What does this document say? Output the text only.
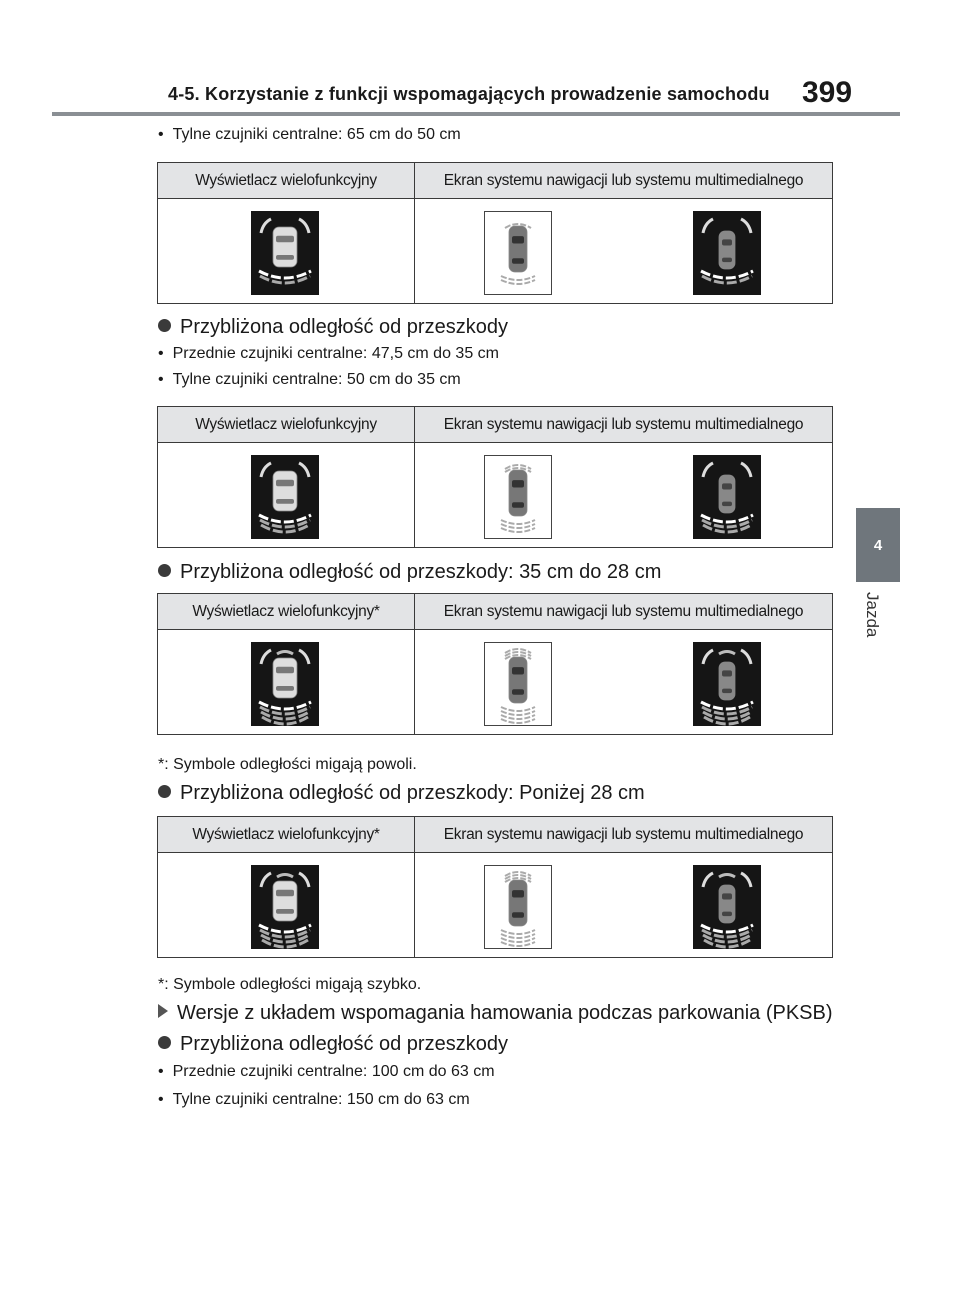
4-5. Korzystanie z funkcji wspomagających prowadzenie samochodu 399
4
Jazda
• Tylne czujniki centralne: 65 cm do 50 cm
Wyświetlacz wielofunkcyjny	Ekran systemu nawigacji lub systemu multimedialnego

Przybliżona odległość od przeszkody
• Przednie czujniki centralne: 47,5 cm do 35 cm
• Tylne czujniki centralne: 50 cm do 35 cm
Wyświetlacz wielofunkcyjny	Ekran systemu nawigacji lub systemu multimedialnego

Przybliżona odległość od przeszkody: 35 cm do 28 cm
Wyświetlacz wielofunkcyjny*	Ekran systemu nawigacji lub systemu multimedialnego

*: Symbole odległości migają powoli.
Przybliżona odległość od przeszkody: Poniżej 28 cm
Wyświetlacz wielofunkcyjny*	Ekran systemu nawigacji lub systemu multimedialnego

*: Symbole odległości migają szybko.
Wersje z układem wspomagania hamowania podczas parkowania (PKSB)
Przybliżona odległość od przeszkody
• Przednie czujniki centralne: 100 cm do 63 cm
• Tylne czujniki centralne: 150 cm do 63 cm
